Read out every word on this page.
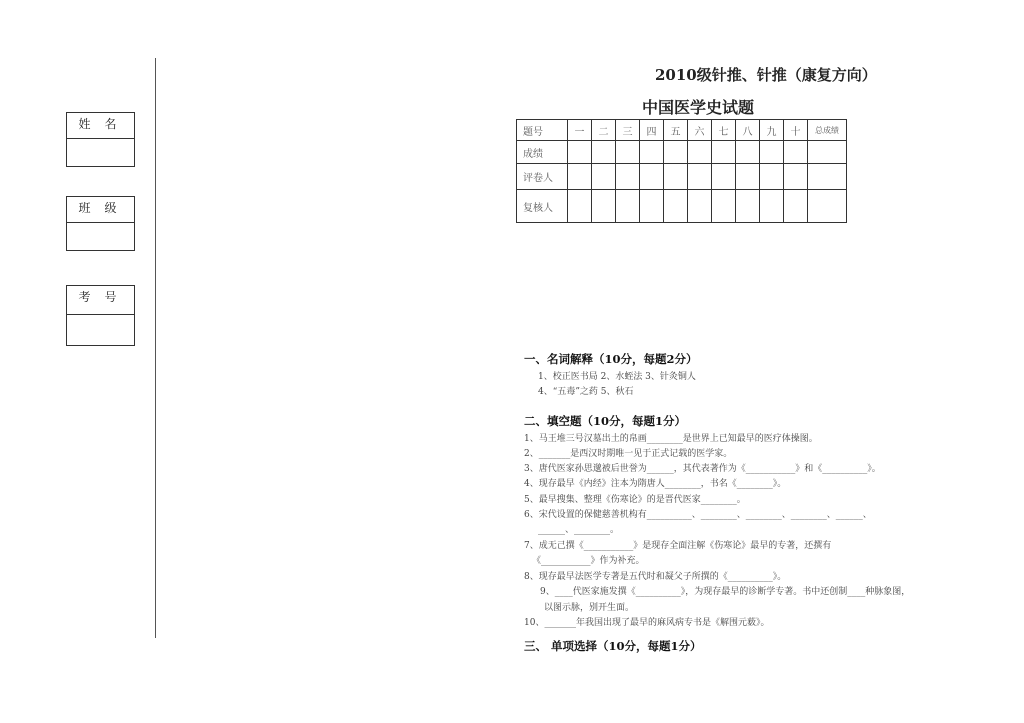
姓名
班级
考号
2010级针推、针推（康复方向）
中国医学史试题
题号	一	二	三	四	五	六	七	八	九	十	总成绩
成绩											
评卷人											
复核人											
一、名词解释（10分，每题2分）
1、校正医书局 2、水蛭法 3、针灸铜人
4、“五毒”之药 5、秋石
二、填空题（10分，每题1分）
1、马王堆三号汉墓出土的帛画________是世界上已知最早的医疗体操图。
2、_______是西汉时期唯一见于正式记载的医学家。
3、唐代医家孙思邈被后世誉为______，其代表著作为《___________》和《__________》。
4、现存最早《内经》注本为隋唐人________，书名《________》。
5、最早搜集、整理《伤寒论》的是晋代医家________。
6、宋代设置的保健慈善机构有__________、________、________、________、______、
______、________。
7、成无己撰《___________》是现存全面注解《伤寒论》最早的专著，还撰有
《___________》作为补充。
8、现存最早法医学专著是五代时和凝父子所撰的《__________》。
9、____代医家施发撰《__________》，为现存最早的诊断学专著。书中还创制____种脉象图，
以图示脉，别开生面。
10、_______年我国出现了最早的麻风病专书是《解围元薮》。
三、 单项选择（10分，每题1分）
